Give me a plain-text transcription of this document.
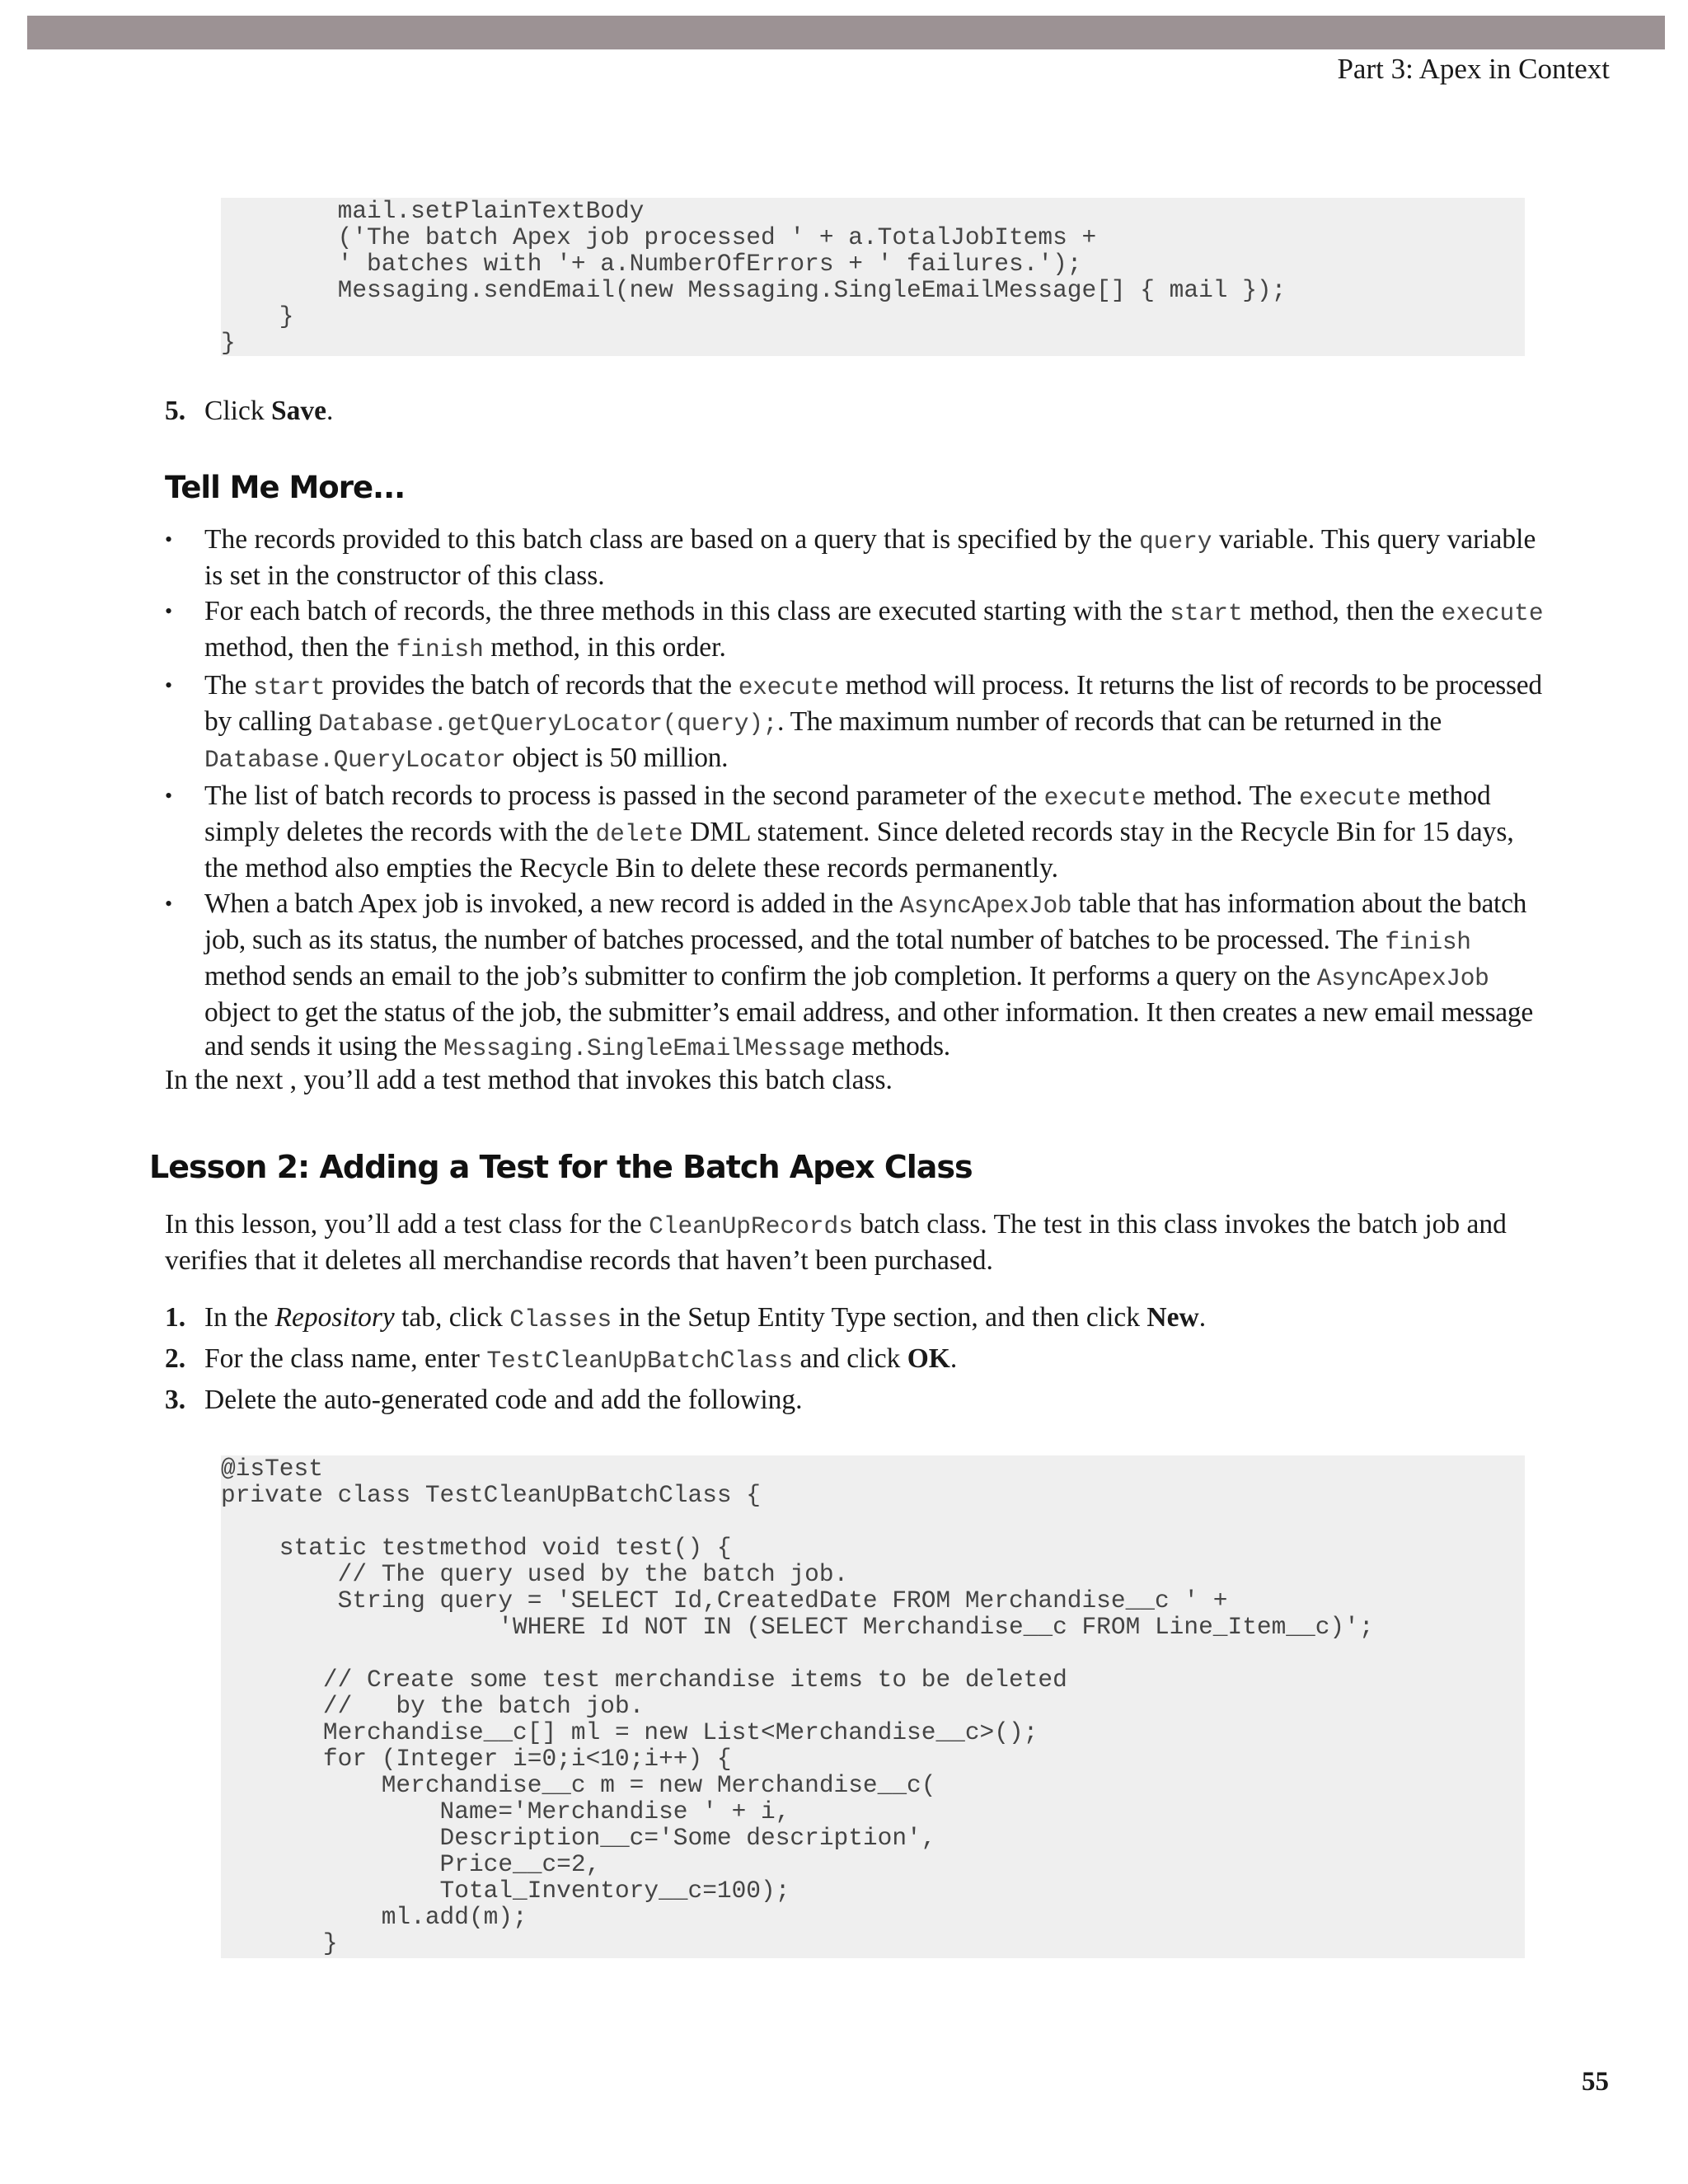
Part 3: Apex in Context
mail.setPlainTextBody
('The batch Apex job processed ' + a.TotalJobItems +
' batches with '+ a.NumberOfErrors + ' failures.');
Messaging.sendEmail(new Messaging.SingleEmailMessage[] { mail });
}
}
5. Click Save.
Tell Me More...
• The records provided to this batch class are based on a query that is specified by the query variable. This query variable is set in the constructor of this class.
• For each batch of records, the three methods in this class are executed starting with the start method, then the execute method, then the finish method, in this order.
• The start provides the batch of records that the execute method will process. It returns the list of records to be processed by calling Database.getQueryLocator(query);. The maximum number of records that can be returned in the Database.QueryLocator object is 50 million.
• The list of batch records to process is passed in the second parameter of the execute method. The execute method simply deletes the records with the delete DML statement. Since deleted records stay in the Recycle Bin for 15 days, the method also empties the Recycle Bin to delete these records permanently.
• When a batch Apex job is invoked, a new record is added in the AsyncApexJob table that has information about the batch job, such as its status, the number of batches processed, and the total number of batches to be processed. The finish method sends an email to the job’s submitter to confirm the job completion. It performs a query on the AsyncApexJob object to get the status of the job, the submitter’s email address, and other information. It then creates a new email message and sends it using the Messaging.SingleEmailMessage methods.
In the next , you’ll add a test method that invokes this batch class.
Lesson 2: Adding a Test for the Batch Apex Class
In this lesson, you’ll add a test class for the CleanUpRecords batch class. The test in this class invokes the batch job and verifies that it deletes all merchandise records that haven’t been purchased.
1. In the Repository tab, click Classes in the Setup Entity Type section, and then click New.
2. For the class name, enter TestCleanUpBatchClass and click OK.
3. Delete the auto-generated code and add the following.
@isTest
private class TestCleanUpBatchClass {
static testmethod void test() {
// The query used by the batch job.
String query = 'SELECT Id,CreatedDate FROM Merchandise__c ' +
'WHERE Id NOT IN (SELECT Merchandise__c FROM Line_Item__c)';
// Create some test merchandise items to be deleted
//   by the batch job.
Merchandise__c[] ml = new List<Merchandise__c>();
for (Integer i=0;i<10;i++) {
Merchandise__c m = new Merchandise__c(
Name='Merchandise ' + i,
Description__c='Some description',
Price__c=2,
Total_Inventory__c=100);
ml.add(m);
}
55
